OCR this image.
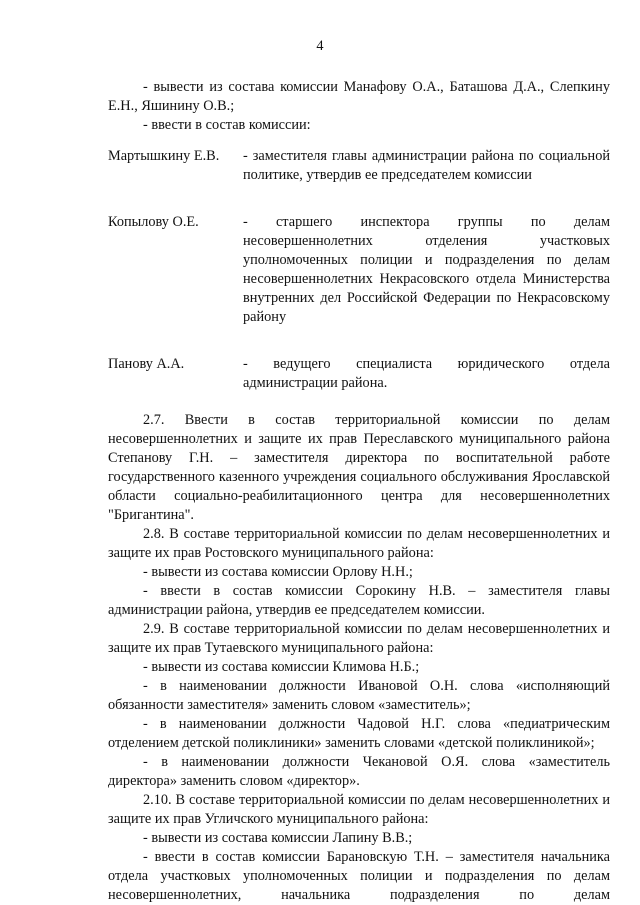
4

- вывести из состава комиссии Манафову О.А., Баташова Д.А., Слепкину Е.Н., Яшинину О.В.;

- ввести в состав комиссии:

Мартышкину Е.В.	- заместителя главы администрации района по социальной политике, утвердив ее председателем комиссии
Копылову О.Е.	- старшего инспектора группы по делам несовершеннолетних отделения участковых уполномоченных полиции и подразделения по делам несовершеннолетних Некрасовского отдела Министерства внутренних дел Российской Федерации по Некрасовскому району
Панову А.А.	- ведущего специалиста юридического отдела администрации района.

2.7. Ввести в состав территориальной комиссии по делам несовершеннолетних и защите их прав Переславского муниципального района Степанову Г.Н. – заместителя директора по воспитательной работе государственного казенного учреждения социального обслуживания Ярославской области социально-реабилитационного центра для несовершеннолетних "Бригантина".

2.8. В составе территориальной комиссии по делам несовершеннолетних и защите их прав Ростовского муниципального района:

- вывести из состава комиссии Орлову Н.Н.;

- ввести в состав комиссии Сорокину Н.В. – заместителя главы администрации района, утвердив ее председателем комиссии.

2.9. В составе территориальной комиссии по делам несовершеннолетних и защите их прав Тутаевского муниципального района:

- вывести из состава комиссии Климова Н.Б.;

- в наименовании должности Ивановой О.Н. слова «исполняющий обязанности заместителя» заменить словом «заместитель»;

- в наименовании должности Чадовой Н.Г. слова «педиатрическим отделением детской поликлиники» заменить словами «детской поликлиникой»;

- в наименовании должности Чекановой О.Я. слова «заместитель директора» заменить словом «директор».

2.10. В составе территориальной комиссии по делам несовершеннолетних и защите их прав Угличского муниципального района:

- вывести из состава комиссии Лапину В.В.;

- ввести в состав комиссии Барановскую Т.Н. – заместителя начальника отдела участковых уполномоченных полиции и подразделения по делам несовершеннолетних, начальника подразделения по делам
